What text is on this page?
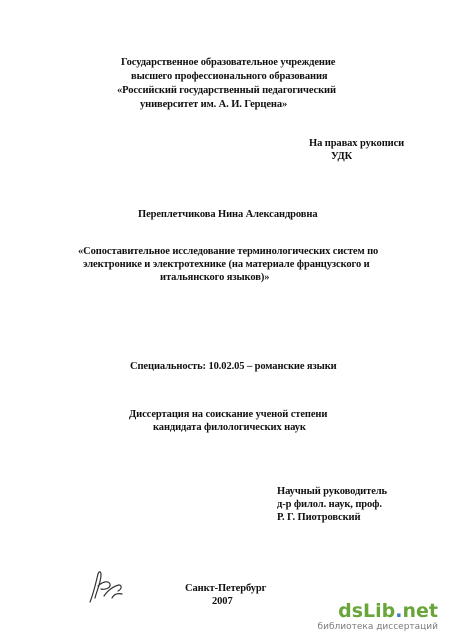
Государственное образовательное учреждение
высшего профессионального образования
«Российский государственный педагогический
университет им. А. И. Герцена»
На правах рукописи
УДК
Переплетчикова Нина Александровна
«Сопоставительное исследование терминологических систем по
электронике и электротехнике (на материале французского и
итальянского языков)»
Специальность: 10.02.05 – романские языки
Диссертация на соискание ученой степени
кандидата филологических наук
Научный руководитель
д-р филол. наук, проф.
Р. Г. Пиотровский
Санкт-Петербург
2007	dsLib.net
библиотека диссертаций
